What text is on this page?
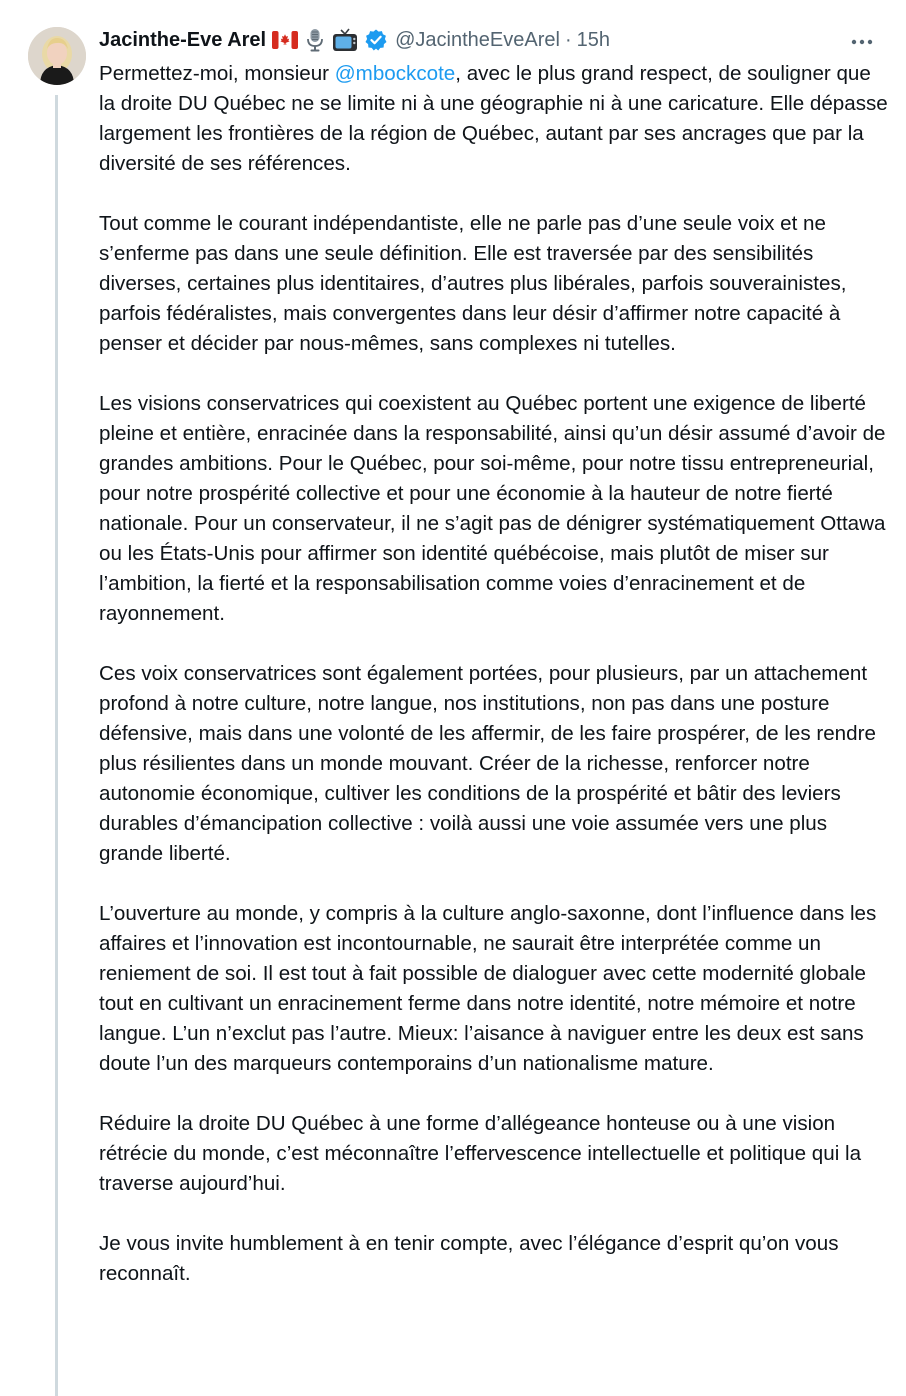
Jacinthe-Eve Arel	@JacintheEveArel · 15h

Permettez-moi, monsieur @mbockcote, avec le plus grand respect, de souligner que la droite DU Québec ne se limite ni à une géographie ni à une caricature. Elle dépasse largement les frontières de la région de Québec, autant par ses ancrages que par la diversité de ses références.

Tout comme le courant indépendantiste, elle ne parle pas d’une seule voix et ne s’enferme pas dans une seule définition. Elle est traversée par des sensibilités diverses, certaines plus identitaires, d’autres plus libérales, parfois souverainistes, parfois fédéralistes, mais convergentes dans leur désir d’affirmer notre capacité à penser et décider par nous-mêmes, sans complexes ni tutelles.

Les visions conservatrices qui coexistent au Québec portent une exigence de liberté pleine et entière, enracinée dans la responsabilité, ainsi qu’un désir assumé d’avoir de grandes ambitions. Pour le Québec, pour soi-même, pour notre tissu entrepreneurial, pour notre prospérité collective et pour une économie à la hauteur de notre fierté nationale. Pour un conservateur, il ne s’agit pas de dénigrer systématiquement Ottawa ou les États-Unis pour affirmer son identité québécoise, mais plutôt de miser sur l’ambition, la fierté et la responsabilisation comme voies d’enracinement et de rayonnement.

Ces voix conservatrices sont également portées, pour plusieurs, par un attachement profond à notre culture, notre langue, nos institutions, non pas dans une posture défensive, mais dans une volonté de les affermir, de les faire prospérer, de les rendre plus résilientes dans un monde mouvant. Créer de la richesse, renforcer notre autonomie économique, cultiver les conditions de la prospérité et bâtir des leviers durables d’émancipation collective : voilà aussi une voie assumée vers une plus grande liberté.

L’ouverture au monde, y compris à la culture anglo-saxonne, dont l’influence dans les affaires et l’innovation est incontournable, ne saurait être interprétée comme un reniement de soi. Il est tout à fait possible de dialoguer avec cette modernité globale tout en cultivant un enracinement ferme dans notre identité, notre mémoire et notre langue. L’un n’exclut pas l’autre. Mieux: l’aisance à naviguer entre les deux est sans doute l’un des marqueurs contemporains d’un nationalisme mature.

Réduire la droite DU Québec à une forme d’allégeance honteuse ou à une vision rétrécie du monde, c’est méconnaître l’effervescence intellectuelle et politique qui la traverse aujourd’hui.

Je vous invite humblement à en tenir compte, avec l’élégance d’esprit qu’on vous reconnaît.
